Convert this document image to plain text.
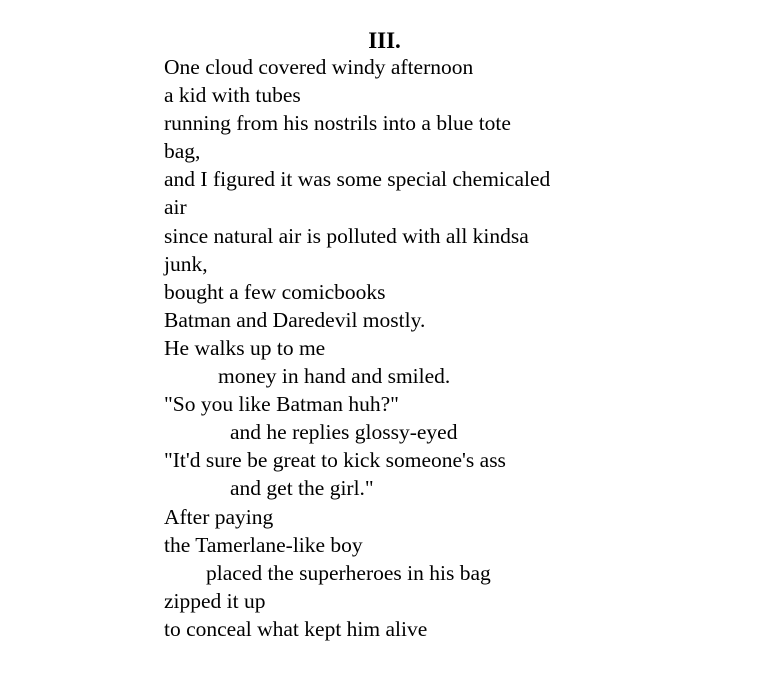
III.
One cloud covered windy afternoon
a kid with tubes
running from his nostrils into a blue tote
bag,
and I figured it was some special chemicaled
air
since natural air is polluted with all kindsa
junk,
bought a few comicbooks
Batman and Daredevil mostly.
He walks up to me
money in hand and smiled.
"So you like Batman huh?"
and he replies glossy-eyed
"It'd sure be great to kick someone's ass
and get the girl."
After paying
the Tamerlane-like boy
placed the superheroes in his bag
zipped it up
to conceal what kept him alive
